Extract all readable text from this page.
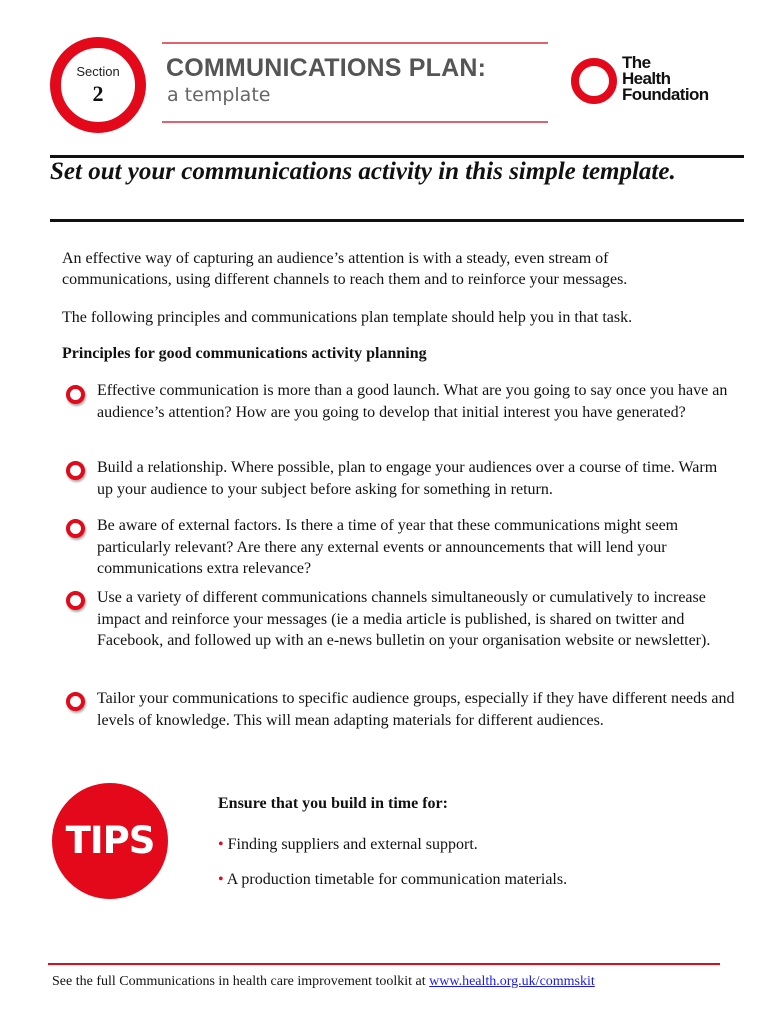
Section
2
COMMUNICATIONS PLAN:
a template
The
Health
Foundation
Set out your communications activity in this simple template.
An effective way of capturing an audience’s attention is with a steady, even stream of communications, using different channels to reach them and to reinforce your messages.
The following principles and communications plan template should help you in that task.
Principles for good communications activity planning
Effective communication is more than a good launch. What are you going to say once you have an audience’s attention? How are you going to develop that initial interest you have generated?
Build a relationship. Where possible, plan to engage your audiences over a course of time. Warm up your audience to your subject before asking for something in return.
Be aware of external factors. Is there a time of year that these communications might seem particularly relevant? Are there any external events or announcements that will lend your communications extra relevance?
Use a variety of different communications channels simultaneously or cumulatively to increase impact and reinforce your messages (ie a media article is published, is shared on twitter and Facebook, and followed up with an e-news bulletin on your organisation website or newsletter).
Tailor your communications to specific audience groups, especially if they have different needs and levels of knowledge. This will mean adapting materials for different audiences.
TIPS
Ensure that you build in time for:
• Finding suppliers and external support.
• A production timetable for communication materials.
See the full Communications in health care improvement toolkit at www.health.org.uk/commskit
